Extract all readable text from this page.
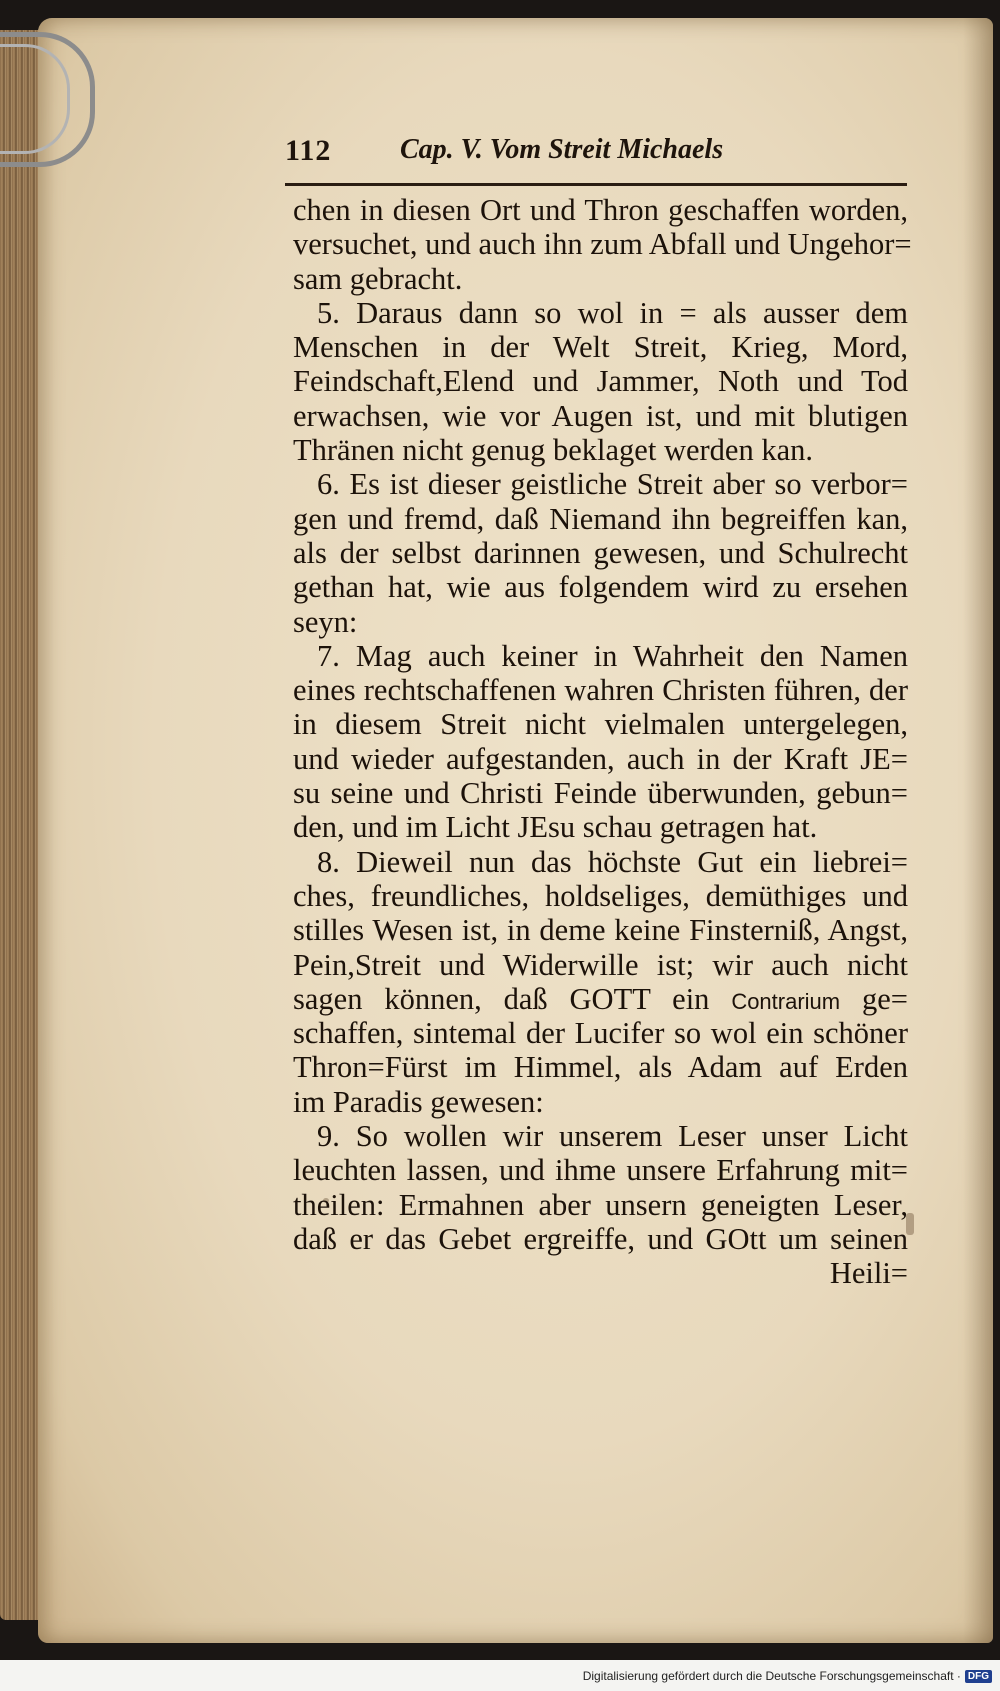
112 Cap. V. Vom Streit Michaels
chen in diesen Ort und Thron geschaffen worden,
versuchet, und auch ihn zum Abfall und Ungehor=
sam gebracht.
5. Daraus dann so wol in = als ausser dem
Menschen in der Welt Streit, Krieg, Mord,
Feindschaft,Elend und Jammer, Noth und Tod
erwachsen, wie vor Augen ist, und mit blutigen
Thränen nicht genug beklaget werden kan.
6. Es ist dieser geistliche Streit aber so verbor=
gen und fremd, daß Niemand ihn begreiffen kan,
als der selbst darinnen gewesen, und Schulrecht
gethan hat, wie aus folgendem wird zu ersehen
seyn:
7. Mag auch keiner in Wahrheit den Namen
eines rechtschaffenen wahren Christen führen, der
in diesem Streit nicht vielmalen untergelegen,
und wieder aufgestanden, auch in der Kraft JE=
su seine und Christi Feinde überwunden, gebun=
den, und im Licht JEsu schau getragen hat.
8. Dieweil nun das höchste Gut ein liebrei=
ches, freundliches, holdseliges, demüthiges und
stilles Wesen ist, in deme keine Finsterniß, Angst,
Pein,Streit und Widerwille ist; wir auch nicht
sagen können, daß GOTT ein Contrarium ge=
schaffen, sintemal der Lucifer so wol ein schöner
Thron=Fürst im Himmel, als Adam auf Erden
im Paradis gewesen:
9. So wollen wir unserem Leser unser Licht
leuchten lassen, und ihme unsere Erfahrung mit=
theilen: Ermahnen aber unsern geneigten Leser,
daß er das Gebet ergreiffe, und GOtt um seinen
Heili=
Digitalisierung gefördert durch die Deutsche Forschungsgemeinschaft · DFG
